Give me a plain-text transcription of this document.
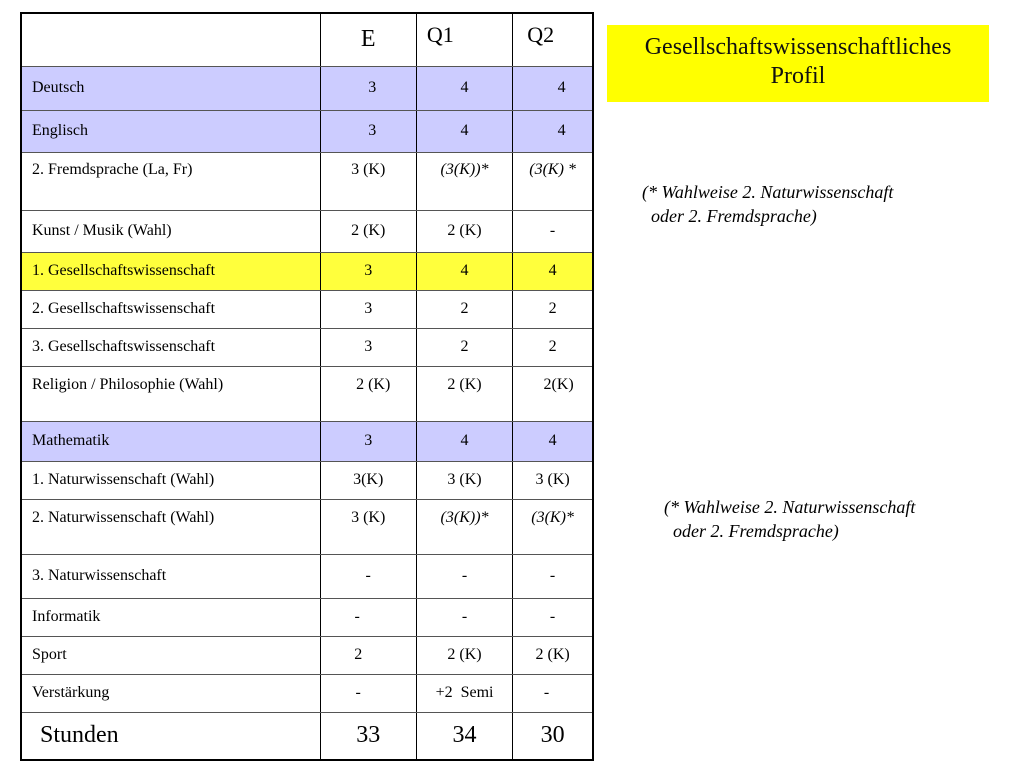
	E	Q1	Q2
Deutsch	3	4	4
Englisch	3	4	4
2. Fremdsprache (La, Fr)	3 (K)	(3(K))*	(3(K) *
Kunst / Musik (Wahl)	2 (K)	2 (K)	-
1. Gesellschaftswissenschaft	3	4	4
2. Gesellschaftswissenschaft	3	2	2
3. Gesellschaftswissenschaft	3	2	2
Religion / Philosophie (Wahl)	2 (K)	2 (K)	2(K)
Mathematik	3	4	4
1. Naturwissenschaft (Wahl)	3(K)	3 (K)	3 (K)
2. Naturwissenschaft (Wahl)	3 (K)	(3(K))*	(3(K)*
3. Naturwissenschaft	-	-	-
Informatik	-	-	-
Sport	2	2 (K)	2 (K)
Verstärkung	-	+2  Semi	-
Stunden	33	34	30
Gesellschaftswissenschaftliches
Profil
(* Wahlweise 2. Naturwissenschaft
oder 2. Fremdsprache)
(* Wahlweise 2. Naturwissenschaft
oder 2. Fremdsprache)
